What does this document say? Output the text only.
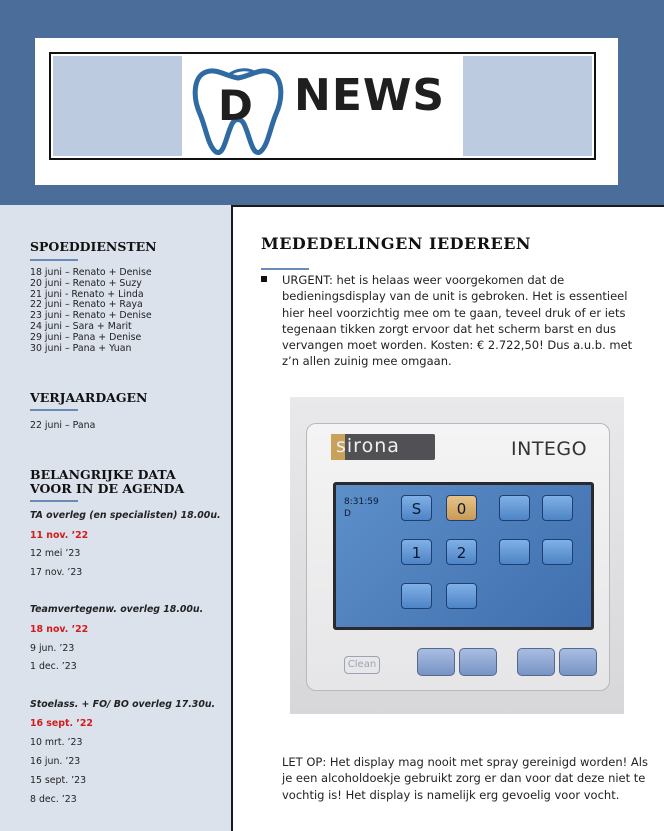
D NEWS
SPOEDDIENSTEN
18 juni – Renato + Denise
20 juni – Renato + Suzy
21 juni - Renato + Linda
22 juni – Renato + Raya
23 juni – Renato + Denise
24 juni – Sara + Marit
29 juni – Pana + Denise
30 juni – Pana + Yuan
VERJAARDAGEN
22 juni – Pana
BELANGRIJKE DATA
VOOR IN DE AGENDA
TA overleg (en specialisten) 18.00u.
11 nov. ’22
12 mei ’23
17 nov. ’23
Teamvertegenw. overleg 18.00u.
18 nov. ’22
9 jun. ’23
1 dec. ’23
Stoelass. + FO/ BO overleg 17.30u.
16 sept. ’22
10 mrt. ’23
16 jun. ’23
15 sept. ’23
8 dec. ’23
MEDEDELINGEN IEDEREEN
URGENT: het is helaas weer voorgekomen dat de bedieningsdisplay van de unit is gebroken. Het is essentieel hier heel voorzichtig mee om te gaan, teveel druk of er iets tegenaan tikken zorgt ervoor dat het scherm barst en dus vervangen moet worden. Kosten: € 2.722,50! Dus a.u.b. met z’n allen zuinig mee omgaan.
sirona	INTEGO
8:31:59
D	S	0
1	2
Clean
LET OP: Het display mag nooit met spray gereinigd worden! Als je een alcoholdoekje gebruikt zorg er dan voor dat deze niet te vochtig is! Het display is namelijk erg gevoelig voor vocht.
